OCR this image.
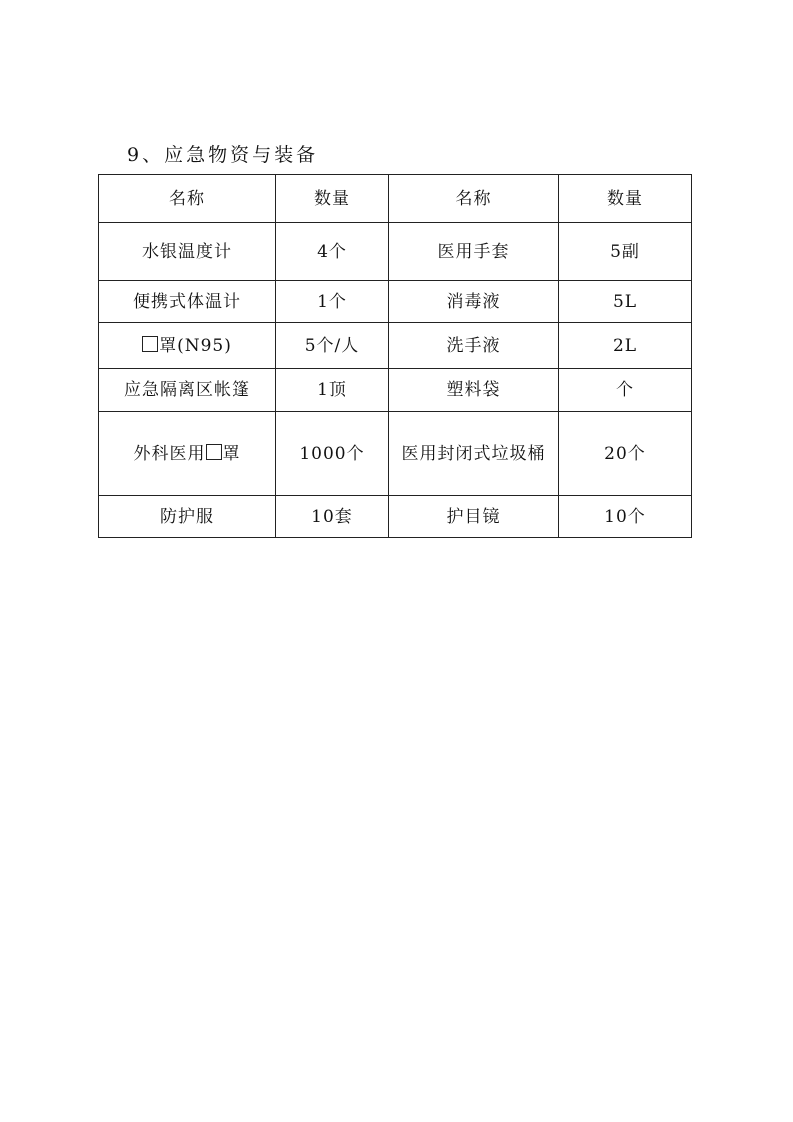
9、应急物资与装备
名称	数量	名称	数量
水银温度计	4个	医用手套	5副
便携式体温计	1个	消毒液	5L
罩(N95)	5个/人	洗手液	2L
应急隔离区帐篷	1顶	塑料袋	个
外科医用 罩	1000个	医用封闭式垃圾桶	20个
防护服	10套	护目镜	10个
